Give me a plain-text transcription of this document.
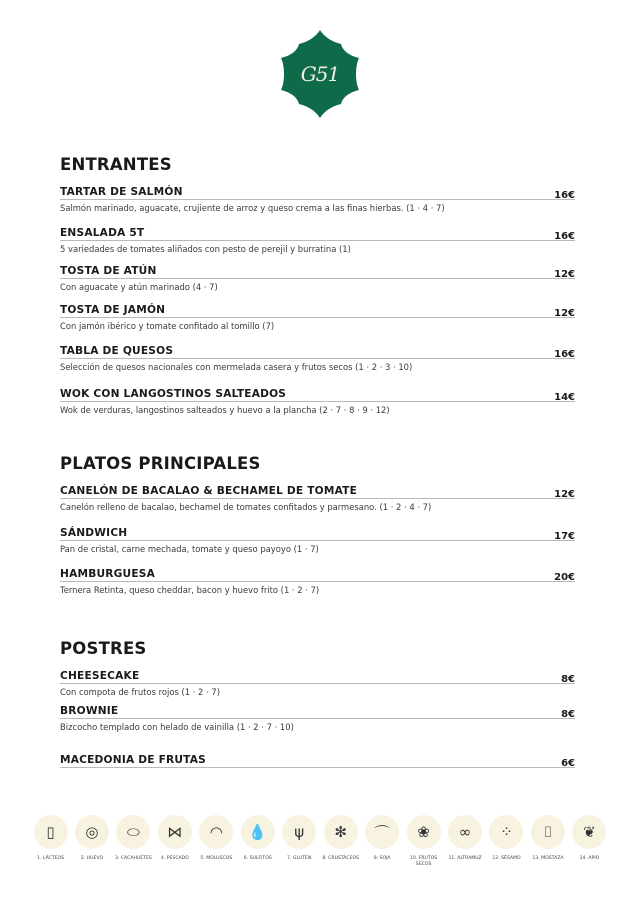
G51
ENTRANTES
TARTAR DE SALMÓN	16€
Salmón marinado, aguacate, crujiente de arroz y queso crema a las finas hierbas. (1 · 4 · 7)
ENSALADA 5T	16€
5 variedades de tomates aliñados con pesto de perejil y burratina (1)
TOSTA DE ATÚN	12€
Con aguacate y atún marinado (4 · 7)
TOSTA DE JAMÓN	12€
Con jamón ibérico y tomate confitado al tomillo (7)
TABLA DE QUESOS	16€
Selección de quesos nacionales con mermelada casera y frutos secos (1 · 2 · 3 · 10)
WOK CON LANGOSTINOS SALTEADOS	14€
Wok de verduras, langostinos salteados y huevo a la plancha (2 · 7 · 8 · 9 · 12)
PLATOS PRINCIPALES
CANELÓN DE BACALAO & BECHAMEL DE TOMATE	12€
Canelón relleno de bacalao, bechamel de tomates confitados y parmesano. (1 · 2 · 4 · 7)
SÁNDWICH	17€
Pan de cristal, carne mechada, tomate y queso payoyo (1 · 7)
HAMBURGUESA	20€
Ternera Retinta, queso cheddar, bacon y huevo frito (1 · 2 · 7)
POSTRES
CHEESECAKE	8€
Con compota de frutos rojos (1 · 2 · 7)
BROWNIE	8€
Bizcocho templado con helado de vainilla (1 · 2 · 7 · 10)
MACEDONIA DE FRUTAS	6€
▯
1. LÁCTEOS
◎
2. HUEVO
⬭
3. CACAHUETES
⋈
4. PESCADO
◠
5. MOLUSCOS
💧
6. SULFITOS
ψ
7. GLUTEN
✻
8. CRUSTÁCEOS
⌒
9. SOJA
❀
10. FRUTOS SECOS
∞
11. ALTRAMUZ
⁘
12. SÉSAMO
⌷
13. MOSTAZA
❦
14. APIO
